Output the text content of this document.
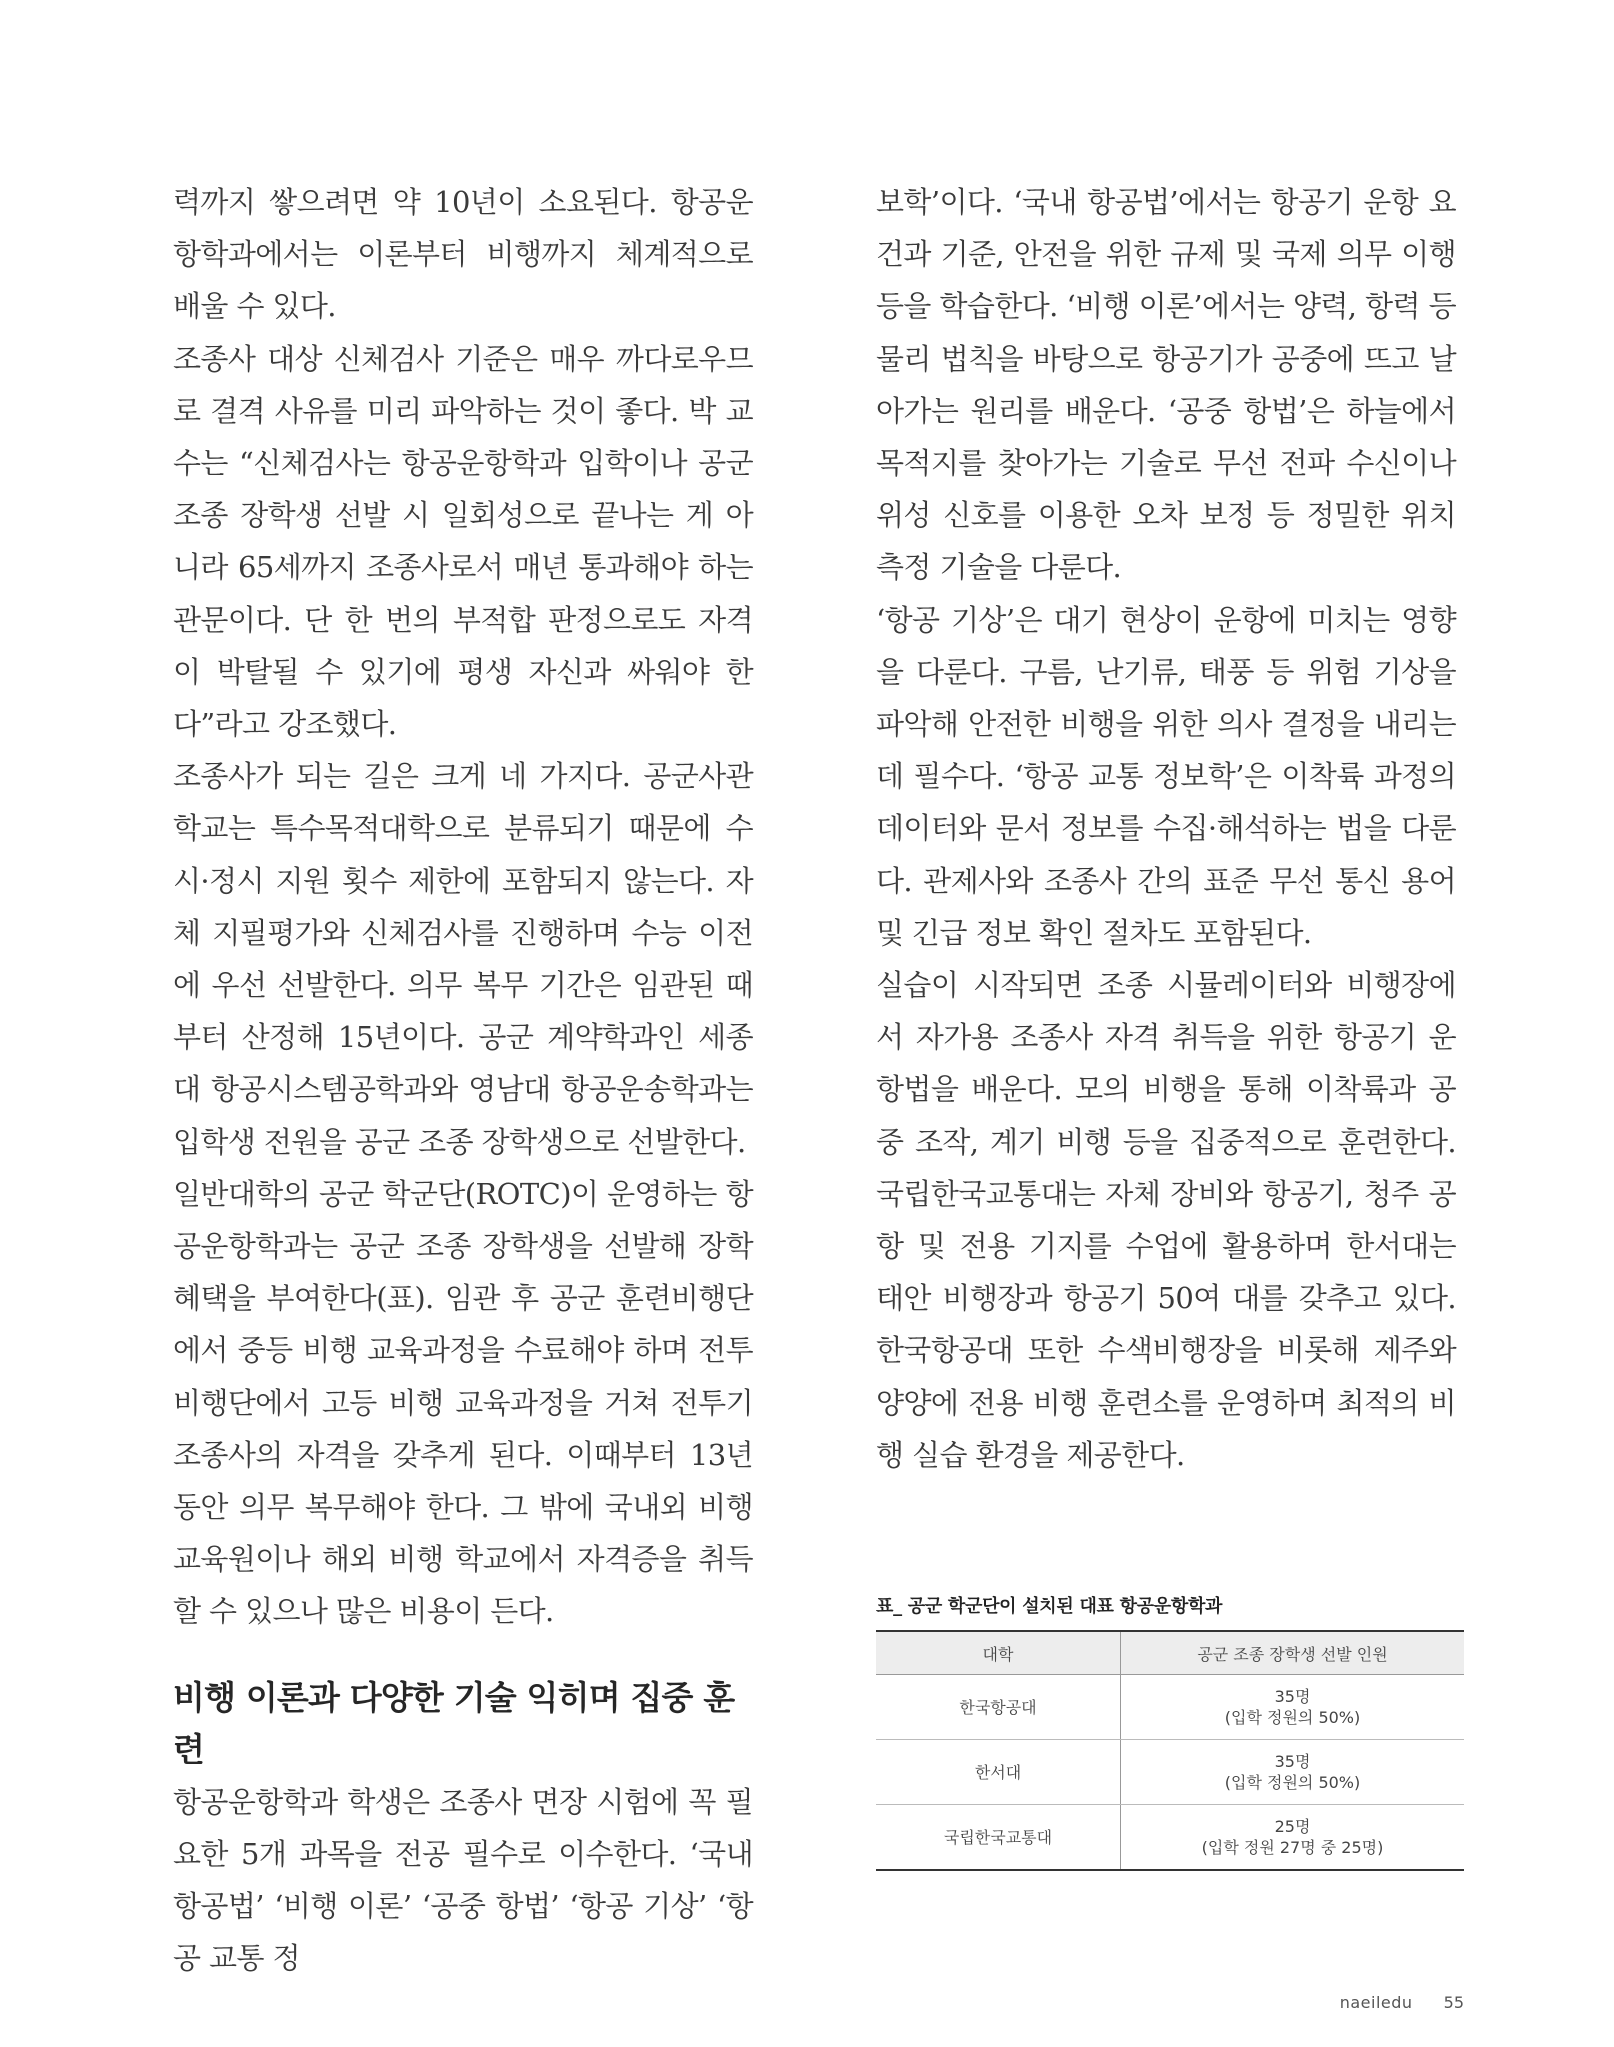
력까지 쌓으려면 약 10년이 소요된다. 항공운항학과에서는 이론부터 비행까지 체계적으로 배울 수 있다.

조종사 대상 신체검사 기준은 매우 까다로우므로 결격 사유를 미리 파악하는 것이 좋다. 박 교수는 “신체검사는 항공운항학과 입학이나 공군 조종 장학생 선발 시 일회성으로 끝나는 게 아니라 65세까지 조종사로서 매년 통과해야 하는 관문이다. 단 한 번의 부적합 판정으로도 자격이 박탈될 수 있기에 평생 자신과 싸워야 한다”라고 강조했다.

조종사가 되는 길은 크게 네 가지다. 공군사관학교는 특수목적대학으로 분류되기 때문에 수시·정시 지원 횟수 제한에 포함되지 않는다. 자체 지필평가와 신체검사를 진행하며 수능 이전에 우선 선발한다. 의무 복무 기간은 임관된 때부터 산정해 15년이다. 공군 계약학과인 세종대 항공시스템공학과와 영남대 항공운송학과는 입학생 전원을 공군 조종 장학생으로 선발한다.

일반대학의 공군 학군단(ROTC)이 운영하는 항공운항학과는 공군 조종 장학생을 선발해 장학 혜택을 부여한다(표). 임관 후 공군 훈련비행단에서 중등 비행 교육과정을 수료해야 하며 전투 비행단에서 고등 비행 교육과정을 거쳐 전투기 조종사의 자격을 갖추게 된다. 이때부터 13년 동안 의무 복무해야 한다. 그 밖에 국내외 비행 교육원이나 해외 비행 학교에서 자격증을 취득할 수 있으나 많은 비용이 든다.

비행 이론과 다양한 기술 익히며 집중 훈련

항공운항학과 학생은 조종사 면장 시험에 꼭 필요한 5개 과목을 전공 필수로 이수한다. ‘국내 항공법’ ‘비행 이론’ ‘공중 항법’ ‘항공 기상’ ‘항공 교통 정

보학’이다. ‘국내 항공법’에서는 항공기 운항 요건과 기준, 안전을 위한 규제 및 국제 의무 이행 등을 학습한다. ‘비행 이론’에서는 양력, 항력 등 물리 법칙을 바탕으로 항공기가 공중에 뜨고 날아가는 원리를 배운다. ‘공중 항법’은 하늘에서 목적지를 찾아가는 기술로 무선 전파 수신이나 위성 신호를 이용한 오차 보정 등 정밀한 위치 측정 기술을 다룬다.

‘항공 기상’은 대기 현상이 운항에 미치는 영향을 다룬다. 구름, 난기류, 태풍 등 위험 기상을 파악해 안전한 비행을 위한 의사 결정을 내리는 데 필수다. ‘항공 교통 정보학’은 이착륙 과정의 데이터와 문서 정보를 수집·해석하는 법을 다룬다. 관제사와 조종사 간의 표준 무선 통신 용어 및 긴급 정보 확인 절차도 포함된다.

실습이 시작되면 조종 시뮬레이터와 비행장에서 자가용 조종사 자격 취득을 위한 항공기 운항법을 배운다. 모의 비행을 통해 이착륙과 공중 조작, 계기 비행 등을 집중적으로 훈련한다. 국립한국교통대는 자체 장비와 항공기, 청주 공항 및 전용 기지를 수업에 활용하며 한서대는 태안 비행장과 항공기 50여 대를 갖추고 있다. 한국항공대 또한 수색비행장을 비롯해 제주와 양양에 전용 비행 훈련소를 운영하며 최적의 비행 실습 환경을 제공한다.

표_ 공군 학군단이 설치된 대표 항공운항학과
대학	공군 조종 장학생 선발 인원
한국항공대	35명
(입학 정원의 50%)
한서대	35명
(입학 정원의 50%)
국립한국교통대	25명
(입학 정원 27명 중 25명)
naeiledu 55
